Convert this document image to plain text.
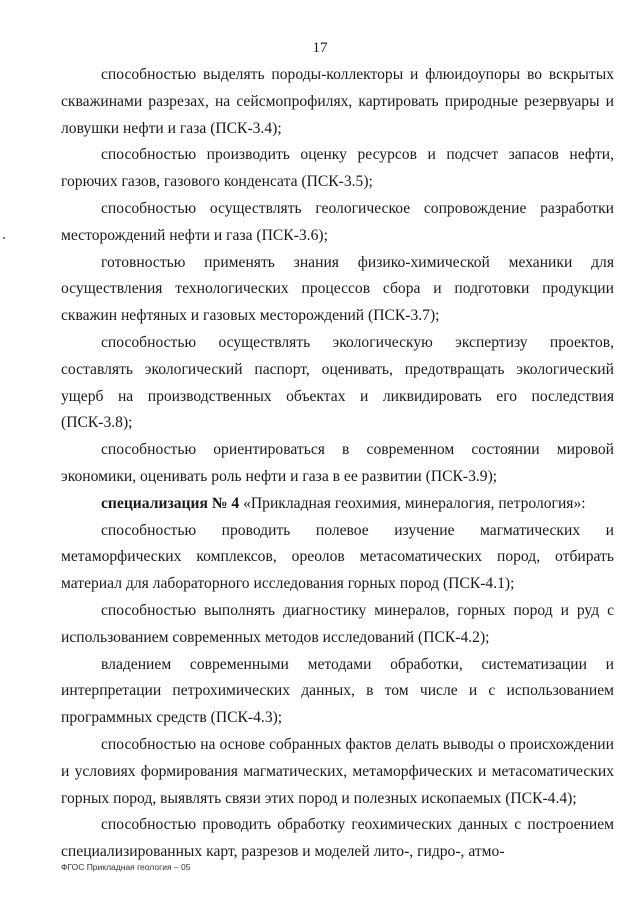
17

способностью выделять породы-коллекторы и флюидоупоры во вскрытых скважинами разрезах, на сейсмопрофилях, картировать природные резервуары и ловушки нефти и газа (ПСК-3.4);

способностью производить оценку ресурсов и подсчет запасов нефти, горючих газов, газового конденсата (ПСК-3.5);

способностью осуществлять геологическое сопровождение разработки месторождений нефти и газа (ПСК-3.6);

готовностью применять знания физико-химической механики для осуществления технологических процессов сбора и подготовки продукции скважин нефтяных и газовых месторождений (ПСК-3.7);

способностью осуществлять экологическую экспертизу проектов, составлять экологический паспорт, оценивать, предотвращать экологический ущерб на производственных объектах и ликвидировать его последствия (ПСК-3.8);

способностью ориентироваться в современном состоянии мировой экономики, оценивать роль нефти и газа в ее развитии (ПСК-3.9);

специализация № 4 «Прикладная геохимия, минералогия, петрология»:

способностью проводить полевое изучение магматических и метаморфических комплексов, ореолов метасоматических пород, отбирать материал для лабораторного исследования горных пород (ПСК-4.1);

способностью выполнять диагностику минералов, горных пород и руд с использованием современных методов исследований (ПСК-4.2);

владением современными методами обработки, систематизации и интерпретации петрохимических данных, в том числе и с использованием программных средств (ПСК-4.3);

способностью на основе собранных фактов делать выводы о происхождении и условиях формирования магматических, метаморфических и метасоматических горных пород, выявлять связи этих пород и полезных ископаемых (ПСК-4.4);

способностью проводить обработку геохимических данных с построением специализированных карт, разрезов и моделей лито-, гидро-, атмо-

ФГОС Прикладная геология – 05
